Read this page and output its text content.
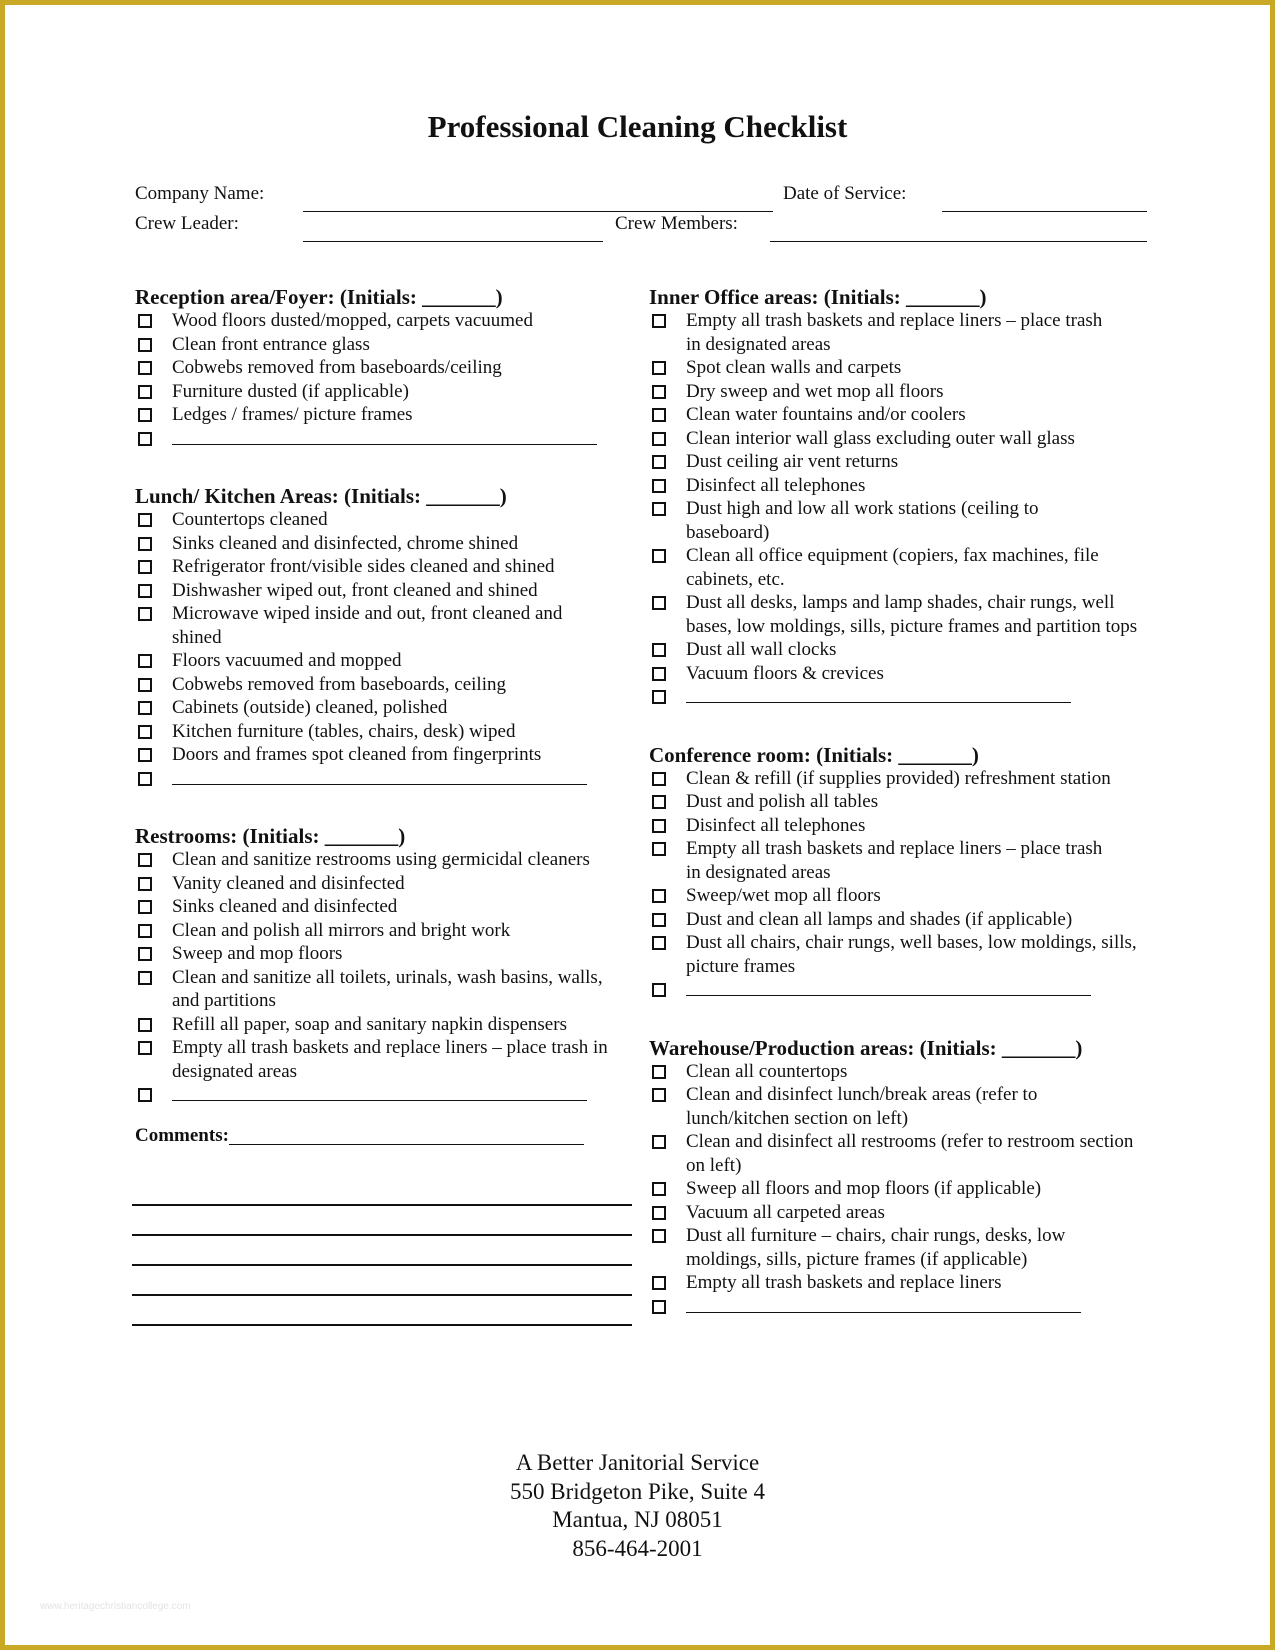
Professional Cleaning Checklist
Company Name:	Date of Service:
Crew Leader:	Crew Members:
Reception area/Foyer: (Initials: _______)
Wood floors dusted/mopped, carpets vacuumed
Clean front entrance glass
Cobwebs removed from baseboards/ceiling
Furniture dusted (if applicable)
Ledges / frames/ picture frames
Lunch/ Kitchen Areas: (Initials: _______)
Countertops cleaned
Sinks cleaned and disinfected, chrome shined
Refrigerator front/visible sides cleaned and shined
Dishwasher wiped out, front cleaned and shined
Microwave wiped inside and out, front cleaned and shined
Floors vacuumed and mopped
Cobwebs removed from baseboards, ceiling
Cabinets (outside) cleaned, polished
Kitchen furniture (tables, chairs, desk) wiped
Doors and frames spot cleaned from fingerprints
Restrooms: (Initials: _______)
Clean and sanitize restrooms using germicidal cleaners
Vanity cleaned and disinfected
Sinks cleaned and disinfected
Clean and polish all mirrors and bright work
Sweep and mop floors
Clean and sanitize all toilets, urinals, wash basins, walls, and partitions
Refill all paper, soap and sanitary napkin dispensers
Empty all trash baskets and replace liners – place trash in designated areas
Comments:
Inner Office areas: (Initials: _______)
Empty all trash baskets and replace liners – place trash in designated areas
Spot clean walls and carpets
Dry sweep and wet mop all floors
Clean water fountains and/or coolers
Clean interior wall glass excluding outer wall glass
Dust ceiling air vent returns
Disinfect all telephones
Dust high and low all work stations (ceiling to baseboard)
Clean all office equipment (copiers, fax machines, file cabinets, etc.
Dust all desks, lamps and lamp shades, chair rungs, well bases, low moldings, sills, picture frames and partition tops
Dust all wall clocks
Vacuum floors & crevices
Conference room: (Initials: _______)
Clean & refill (if supplies provided) refreshment station
Dust and polish all tables
Disinfect all telephones
Empty all trash baskets and replace liners – place trash in designated areas
Sweep/wet mop all floors
Dust and clean all lamps and shades (if applicable)
Dust all chairs, chair rungs, well bases, low moldings, sills, picture frames
Warehouse/Production areas: (Initials: _______)
Clean all countertops
Clean and disinfect lunch/break areas (refer to lunch/kitchen section on left)
Clean and disinfect all restrooms (refer to restroom section on left)
Sweep all floors and mop floors (if applicable)
Vacuum all carpeted areas
Dust all furniture – chairs, chair rungs, desks, low moldings, sills, picture frames (if applicable)
Empty all trash baskets and replace liners
A Better Janitorial Service
550 Bridgeton Pike, Suite 4
Mantua, NJ 08051
856-464-2001
www.heritagechristiancollege.com
